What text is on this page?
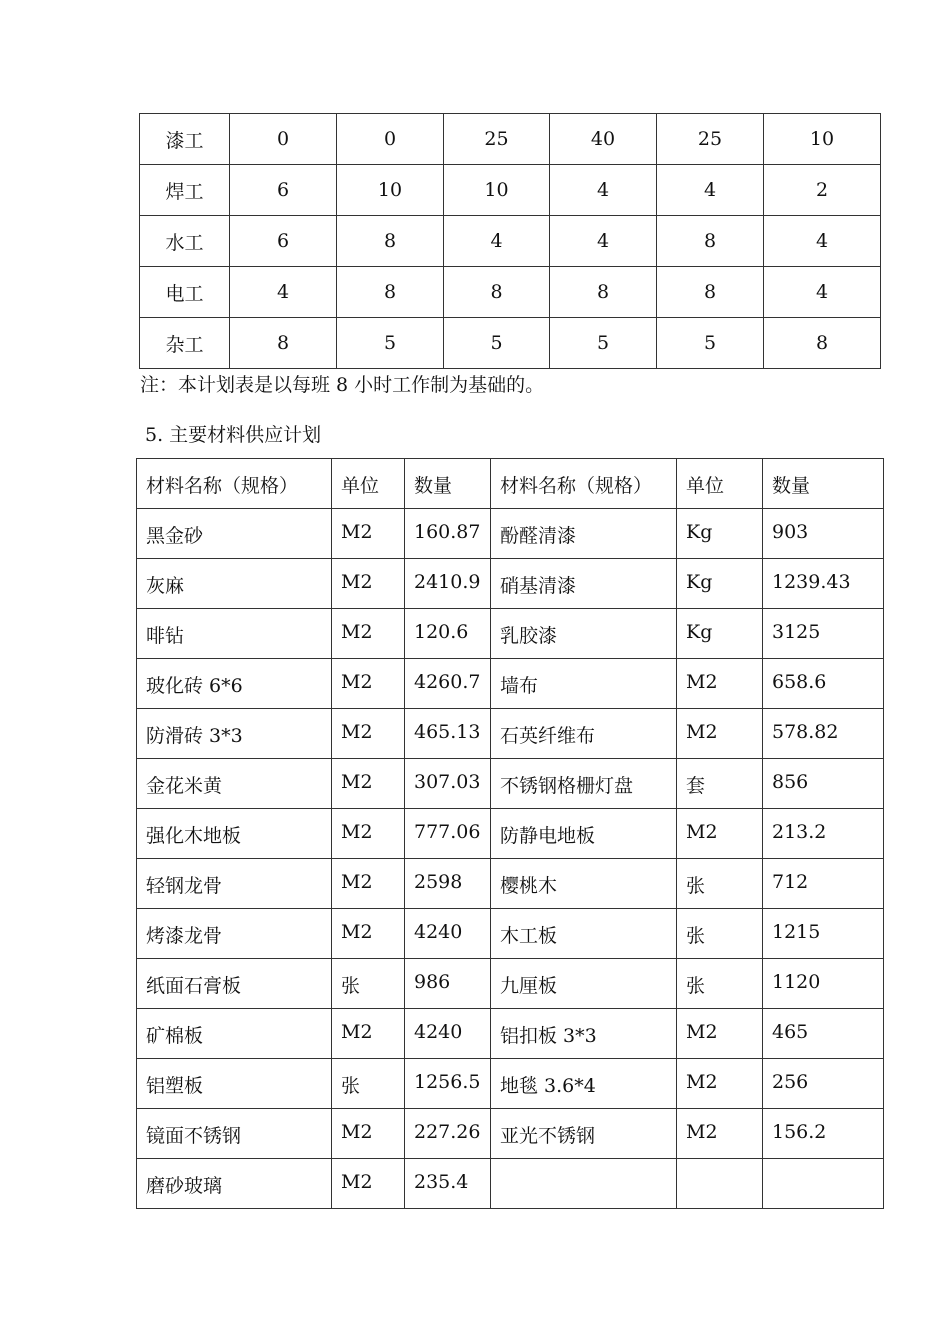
漆工	0	0	25	40	25	10
焊工	6	10	10	4	4	2
水工	6	8	4	4	8	4
电工	4	8	8	8	8	4
杂工	8	5	5	5	5	8
注：本计划表是以每班 8 小时工作制为基础的。
5. 主要材料供应计划
材料名称（规格）	单位	数量	材料名称（规格）	单位	数量
黑金砂	M2	160.87	酚醛清漆	Kg	903
灰麻	M2	2410.9	硝基清漆	Kg	1239.43
啡钻	M2	120.6	乳胶漆	Kg	3125
玻化砖 6*6	M2	4260.7	墙布	M2	658.6
防滑砖 3*3	M2	465.13	石英纤维布	M2	578.82
金花米黄	M2	307.03	不锈钢格栅灯盘	套	856
强化木地板	M2	777.06	防静电地板	M2	213.2
轻钢龙骨	M2	2598	樱桃木	张	712
烤漆龙骨	M2	4240	木工板	张	1215
纸面石膏板	张	986	九厘板	张	1120
矿棉板	M2	4240	铝扣板 3*3	M2	465
铝塑板	张	1256.5	地毯 3.6*4	M2	256
镜面不锈钢	M2	227.26	亚光不锈钢	M2	156.2
磨砂玻璃	M2	235.4			
